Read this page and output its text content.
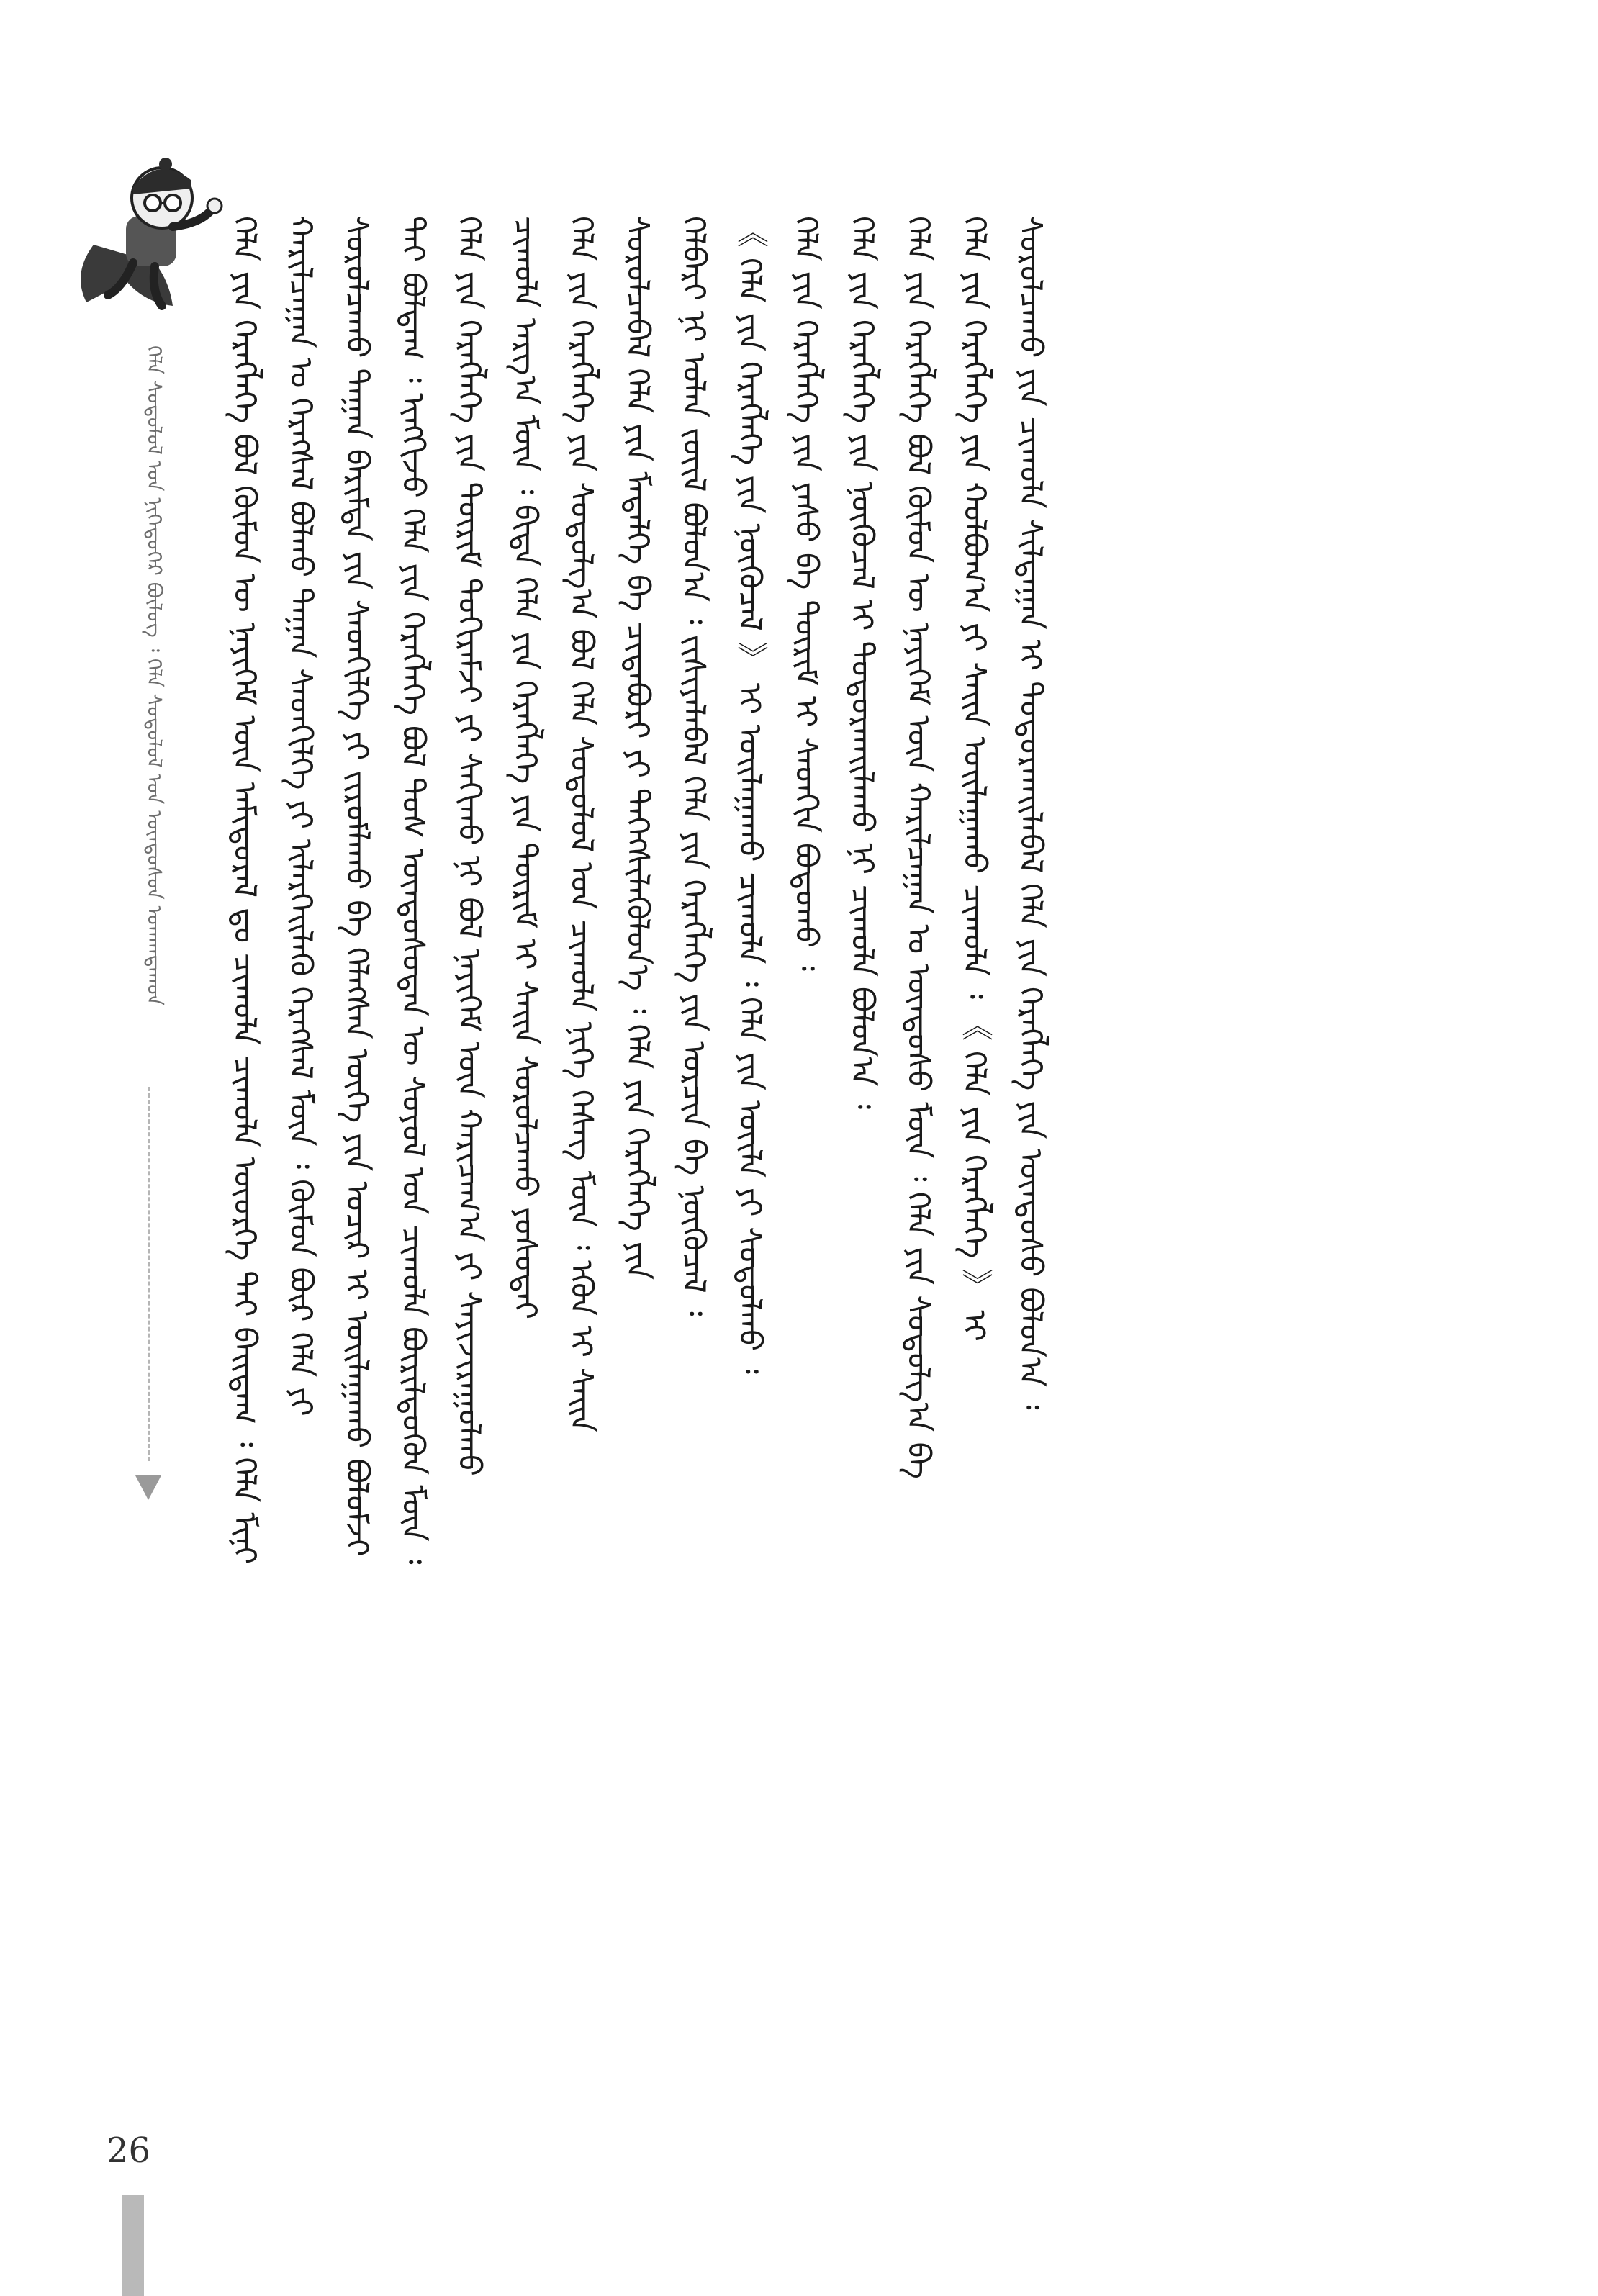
ᠬᠡᠯᠡ ᠰᠤᠳᠤᠯᠤᠯ ᠤᠨ ᠨᠢᠭᠡᠳᠦᠭᠡᠷ ᠪᠦᠯᠦᠭ ᠄ ᠬᠡᠯᠡ ᠰᠤᠳᠤᠯᠤᠯ ᠤᠨ ᠦᠨᠳᠦᠰᠦᠨ ᠤᠬᠠᠭᠳᠠᠬᠤᠨ
26
ᠬᠡᠯᠡ ᠶᠢᠨ ᠬᠡᠷᠡᠭᠯᠡᠭᠡ ᠪᠣᠯ ᠬᠦᠮᠦᠨ ᠦ ᠨᠡᠶᠢᠭᠡᠮ ᠦᠨ ᠠᠮᠢᠳᠤᠷᠠᠯ ᠳᠤ ᠴᠢᠬᠤᠯᠠ ᠴᠢᠬᠤᠯᠠ ᠦᠦᠷᠭᠡ ᠲᠠᠢ ᠪᠠᠢᠳᠠᠭ ᠄ ᠬᠡᠯᠡ ᠮᠢᠨᠢ ᠬᠠᠷᠢᠯᠴᠠᠭᠠᠨ ᠤ ᠬᠡᠷᠡᠭᠰᠡᠯ ᠪᠣᠯᠬᠤ ᠳᠠᠭᠠᠨ ᠰᠡᠳᠬᠢᠯᠭᠡ ᠶᠢ ᠢᠯᠡᠷᠬᠡᠢᠯᠡᠬᠦ ᠬᠡᠷᠡᠭᠰᠡᠯ ᠮᠥᠨ ᠄ ᠬᠦᠮᠦᠨ ᠪᠦᠷ ᠬᠡᠯᠡ ᠶᠢ ᠰᠤᠷᠤᠯᠴᠠᠬᠤ ᠳᠠᠭᠠᠨ ᠪᠠᠷᠢᠮᠲᠠ ᠶᠢᠨ ᠰᠡᠳᠬᠢᠯᠭᠡ ᠶᠢ ᠵᠢᠷᠤᠮᠯᠠᠬᠤ ᠪᠠ ᠬᠡᠯᠡᠭᠰᠡᠨ ᠦᠭᠡ ᠶᠢᠨ ᠤᠴᠢᠷ ᠢ ᠣᠢᠯᠠᠭᠠᠬᠤ ᠪᠣᠯᠤᠮᠵᠢ ᠲᠡᠢ ᠪᠣᠯᠳᠠᠭ ᠄ ᠢᠩᠭᠢᠵᠦ ᠬᠡᠯᠡ ᠶᠢᠨ ᠬᠡᠷᠡᠭᠯᠡᠭᠡ ᠪᠣᠯ ᠲᠤᠰ ᠦᠨᠳᠦᠰᠦᠲᠡᠨ ᠦ ᠰᠣᠶᠣᠯ ᠤᠨ ᠴᠢᠬᠤᠯᠠ ᠪᠦᠷᠢᠯᠳᠦᠬᠦᠨ ᠮᠥᠨ ᠄ ᠬᠡᠯᠡ ᠶᠢᠨ ᠬᠡᠷᠡᠭᠯᠡᠭᠡ ᠶᠢᠨ ᠳᠦᠷᠢᠮ ᠲᠣᠬᠢᠷᠠᠮᠵᠢ ᠶᠢ ᠰᠠᠬᠢᠬᠤ ᠨᠢ ᠪᠣᠯ ᠨᠡᠶᠢᠭᠡᠮ ᠦᠨ ᠬᠠᠷᠢᠴᠠᠭ᠎ᠠ ᠶᠢ ᠰᠠᠶᠢᠵᠢᠷᠠᠭᠤᠯᠬᠤ ᠴᠢᠬᠤᠯᠠ ᠠᠷᠭ᠎ᠠ ᠮᠥᠨ ᠄ ᠪᠢᠳᠡ ᠬᠡᠯᠡ ᠶᠢᠨ ᠬᠡᠷᠡᠭᠯᠡᠭᠡ ᠶᠢᠨ ᠳᠦᠷᠢᠮ ᠢ ᠰᠠᠢᠨ ᠰᠤᠷᠤᠯᠴᠠᠬᠤ ᠶᠣᠰᠣᠲᠠᠢ ᠬᠡᠯᠡ ᠶᠢᠨ ᠬᠡᠷᠡᠭᠯᠡᠭᠡ ᠶᠢᠨ ᠰᠤᠳᠤᠯᠭ᠎ᠠ ᠪᠣᠯ ᠬᠡᠯᠡ ᠰᠤᠳᠤᠯᠤᠯ ᠤᠨ ᠴᠢᠬᠤᠯᠠ ᠨᠢᠭᠡ ᠬᠡᠰᠡᠭ ᠮᠥᠨ ᠄ ᠡᠭᠦᠨ ᠢ ᠰᠠᠢᠨ ᠰᠤᠷᠤᠯᠴᠠᠪᠠᠯ ᠬᠡᠯᠡ ᠶᠢᠨ ᠮᠡᠳᠡᠯᠭᠡ ᠪᠠ ᠴᠢᠳᠠᠪᠤᠷᠢ ᠶᠢ ᠳᠡᠭᠡᠭᠰᠢᠯᠡᠭᠦᠯᠦᠨ᠎ᠡ ᠄ ᠬᠡᠯᠡ ᠶᠢᠨ ᠬᠡᠷᠡᠭᠯᠡᠭᠡ ᠶᠢᠨ ᠬᠡᠯᠪᠡᠷᠢ ᠨᠢ ᠣᠯᠠᠨ ᠵᠦᠢᠯ ᠪᠣᠯᠤᠨ᠎ᠠ ᠄ ᠵᠢᠱᠢᠶᠡᠯᠡᠪᠡᠯ ᠬᠡᠯᠡ ᠶᠢᠨ ᠬᠡᠷᠡᠭᠯᠡᠭᠡ ᠶᠢᠨ ᠣᠷᠴᠢᠨ ᠪᠠ ᠨᠥᠬᠦᠴᠡᠯ ᠄ 《 ᠬᠡᠯᠡ ᠶᠢᠨ ᠬᠡᠷᠡᠭᠯᠡᠭᠡ ᠶᠢᠨ ᠨᠥᠬᠦᠴᠡᠯ 》 ᠢ ᠣᠢᠯᠠᠭᠠᠬᠤ ᠴᠢᠬᠤᠯᠠ ᠄ ᠬᠡᠯᠡ ᠶᠢᠨ ᠦᠢᠯᠡ ᠶᠢ ᠰᠤᠳᠤᠯᠬᠤ ᠄ ᠬᠡᠯᠡ ᠶᠢᠨ ᠬᠡᠷᠡᠭᠯᠡᠭᠡ ᠶᠢᠨ ᠶᠠᠰᠤ ᠪᠠ ᠳᠦᠷᠢᠮ ᠢ ᠰᠡᠳᠬᠢᠨ ᠪᠣᠳᠤᠬᠤ ᠄ ᠬᠡᠯᠡ ᠶᠢᠨ ᠬᠡᠷᠡᠭᠯᠡᠭᠡ ᠶᠢᠨ ᠨᠥᠬᠦᠴᠡᠯ ᠢ ᠲᠣᠳᠤᠷᠬᠠᠢᠯᠠᠬᠤ ᠨᠢ ᠴᠢᠬᠤᠯᠠ ᠪᠣᠯᠤᠨ᠎ᠠ ᠄ ᠬᠡᠯᠡ ᠶᠢᠨ ᠬᠡᠷᠡᠭᠯᠡᠭᠡ ᠪᠣᠯ ᠬᠦᠮᠦᠨ ᠦ ᠨᠡᠶᠢᠭᠡᠮ ᠦᠨ ᠬᠠᠷᠢᠯᠴᠠᠭᠠᠨ ᠤ ᠦᠨᠳᠦᠰᠦ ᠮᠥᠨ ᠄ ᠬᠡᠯᠡ ᠶᠢᠨ ᠰᠤᠳᠤᠯᠭ᠎ᠠ ᠪᠠ ᠬᠡᠯᠡ ᠶᠢᠨ ᠬᠡᠷᠡᠭᠯᠡᠭᠡ ᠶᠢᠨ ᠬᠣᠯᠪᠣᠭ᠎ᠠ ᠶᠢ ᠰᠠᠢᠨ ᠣᠢᠯᠠᠭᠠᠬᠤ ᠴᠢᠬᠤᠯᠠ ᠄ 《 ᠬᠡᠯᠡ ᠶᠢᠨ ᠬᠡᠷᠡᠭᠯᠡᠭᠡ 》 ᠢ ᠰᠤᠷᠤᠯᠴᠠᠬᠤ ᠶᠢᠨ ᠴᠢᠬᠤᠯᠠ ᠰᠢᠯᠲᠠᠭᠠᠨ ᠢ ᠲᠣᠳᠤᠷᠬᠠᠢᠯᠠᠪᠠᠯ ᠬᠡᠯᠡ ᠶᠢᠨ ᠬᠡᠷᠡᠭᠯᠡᠭᠡ ᠶᠢᠨ ᠦᠨᠳᠦᠰᠦ ᠪᠣᠯᠤᠨ᠎ᠠ ᠄
